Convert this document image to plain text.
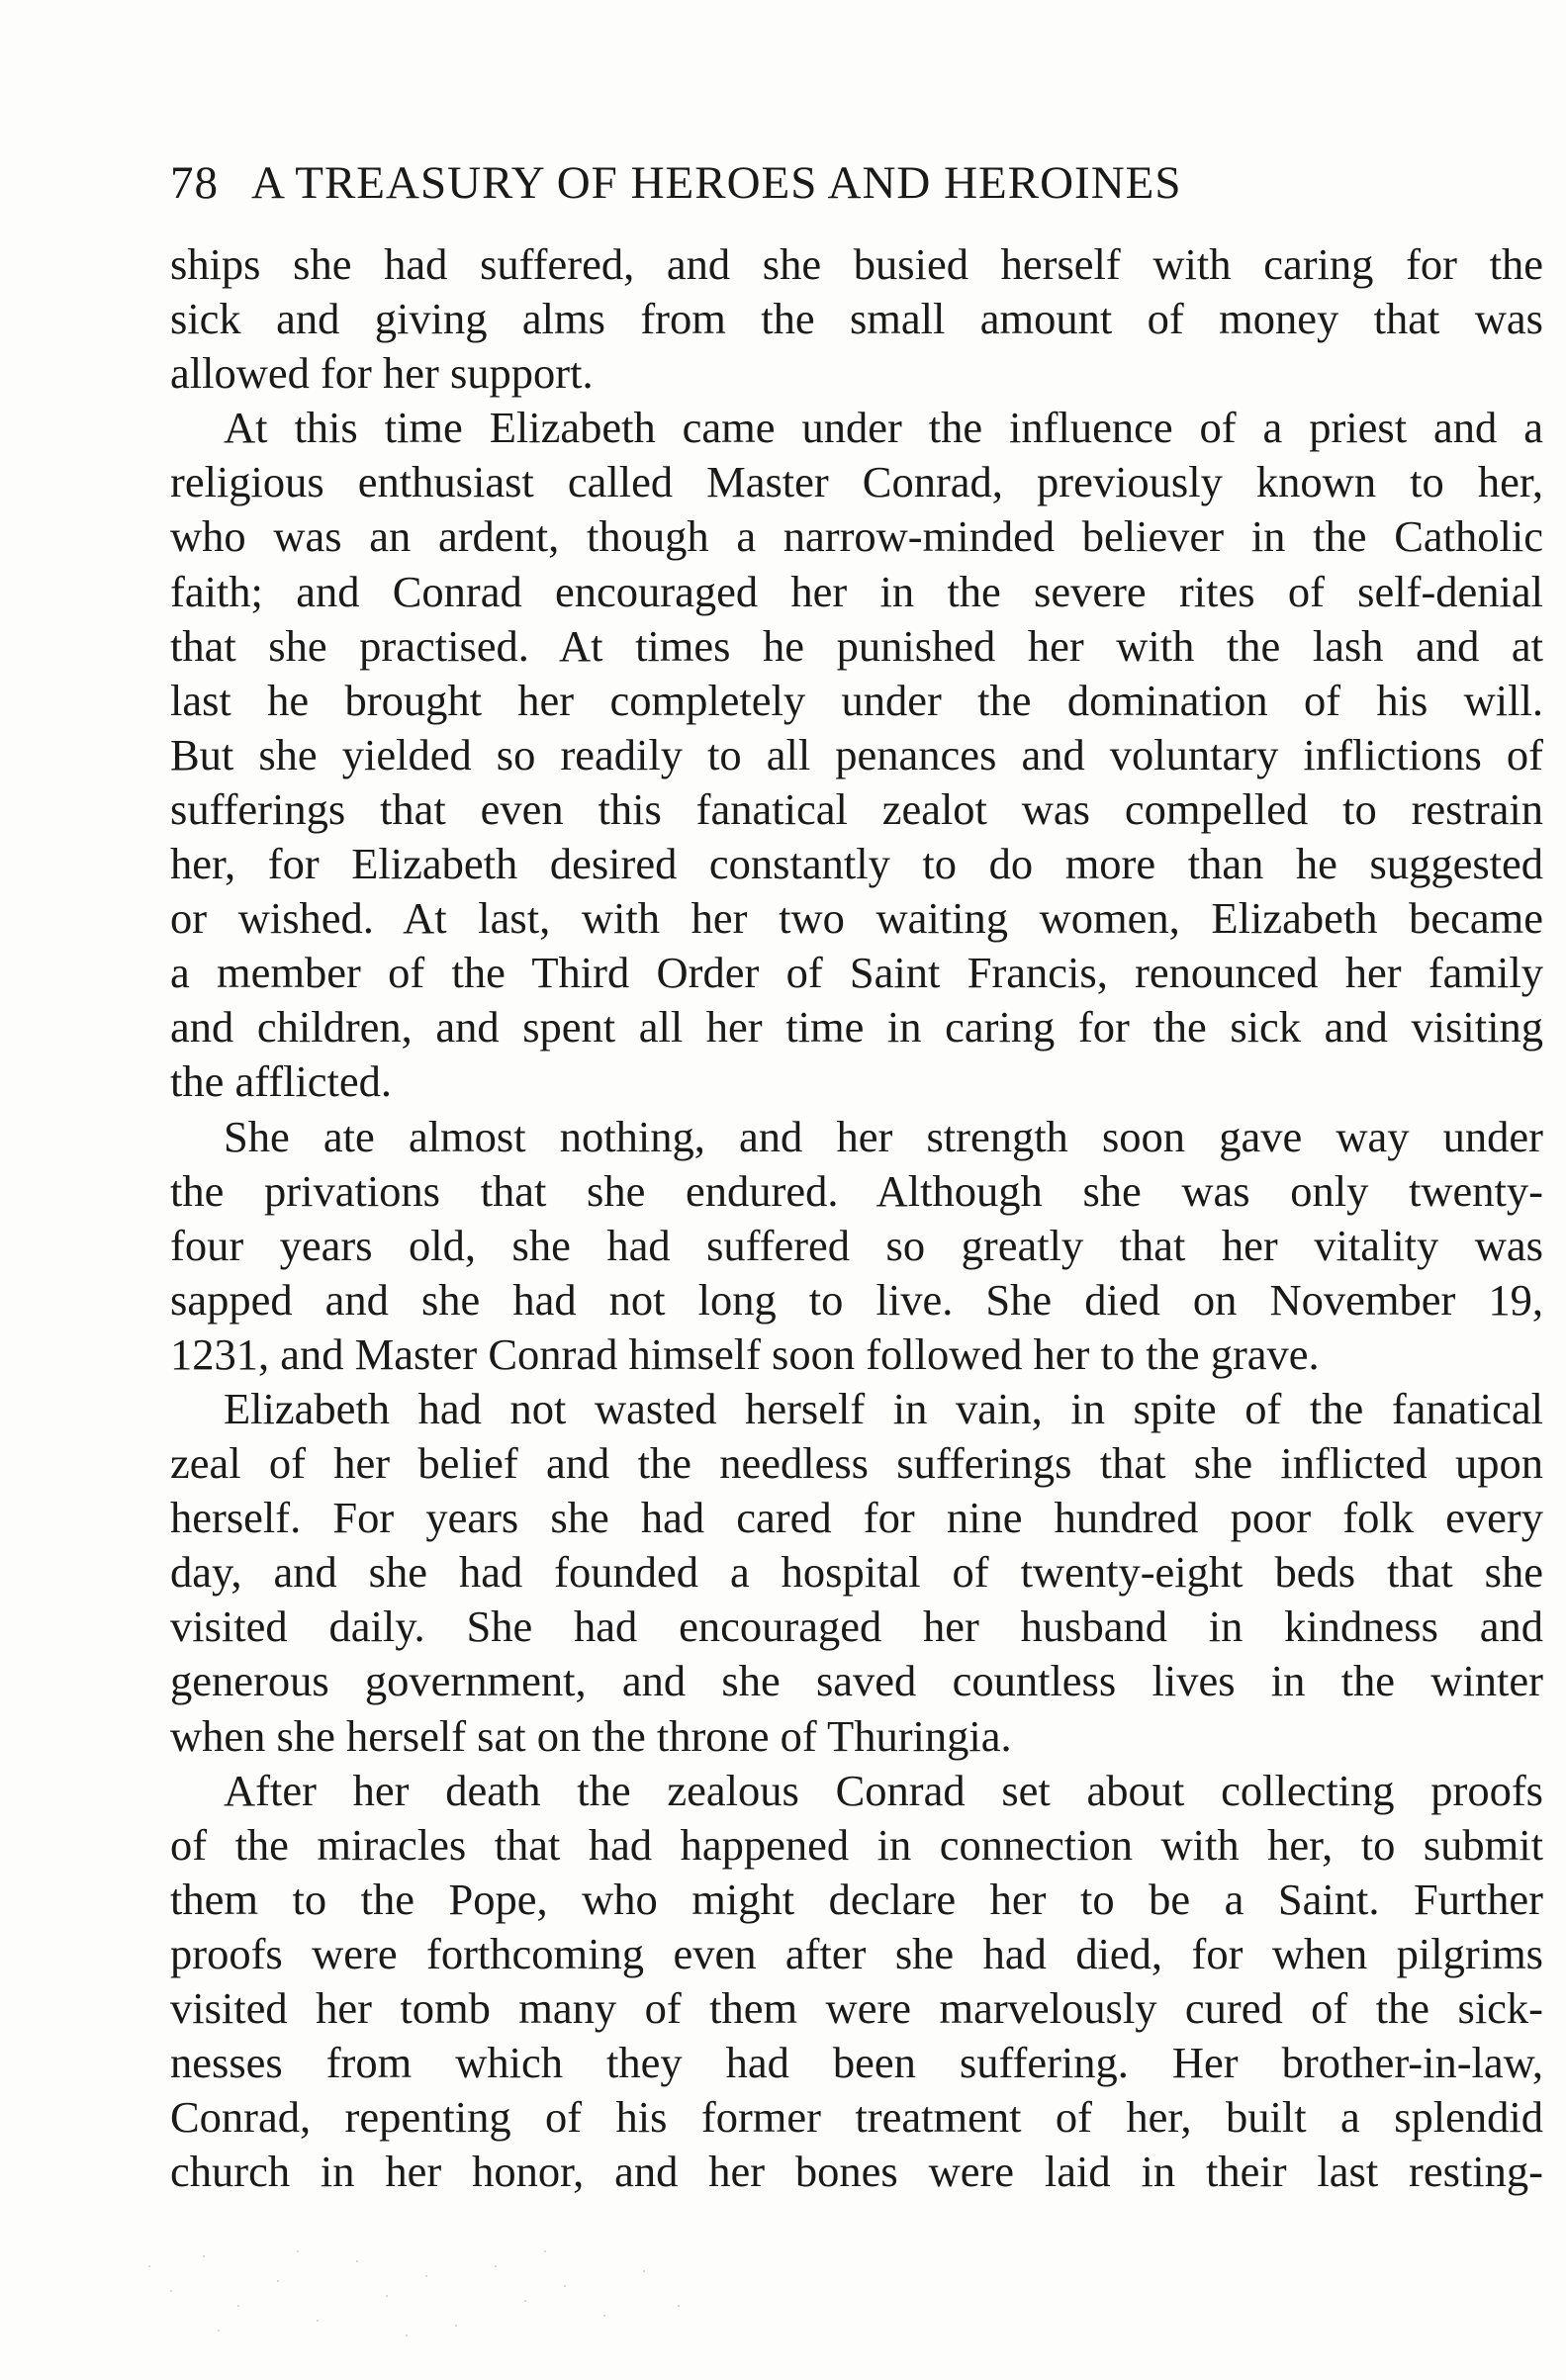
78 A TREASURY OF HEROES AND HEROINES
ships she had suffered, and she busied herself with caring for the
sick and giving alms from the small amount of money that was
allowed for her support.
At this time Elizabeth came under the influence of a priest and a
religious enthusiast called Master Conrad, previously known to her,
who was an ardent, though a narrow-minded believer in the Catholic
faith; and Conrad encouraged her in the severe rites of self-denial
that she practised. At times he punished her with the lash and at
last he brought her completely under the domination of his will.
But she yielded so readily to all penances and voluntary inflictions of
sufferings that even this fanatical zealot was compelled to restrain
her, for Elizabeth desired constantly to do more than he suggested
or wished. At last, with her two waiting women, Elizabeth became
a member of the Third Order of Saint Francis, renounced her family
and children, and spent all her time in caring for the sick and visiting
the afflicted.
She ate almost nothing, and her strength soon gave way under
the privations that she endured. Although she was only twenty-
four years old, she had suffered so greatly that her vitality was
sapped and she had not long to live. She died on November 19,
1231, and Master Conrad himself soon followed her to the grave.
Elizabeth had not wasted herself in vain, in spite of the fanatical
zeal of her belief and the needless sufferings that she inflicted upon
herself. For years she had cared for nine hundred poor folk every
day, and she had founded a hospital of twenty-eight beds that she
visited daily. She had encouraged her husband in kindness and
generous government, and she saved countless lives in the winter
when she herself sat on the throne of Thuringia.
After her death the zealous Conrad set about collecting proofs
of the miracles that had happened in connection with her, to submit
them to the Pope, who might declare her to be a Saint. Further
proofs were forthcoming even after she had died, for when pilgrims
visited her tomb many of them were marvelously cured of the sick-
nesses from which they had been suffering. Her brother-in-law,
Conrad, repenting of his former treatment of her, built a splendid
church in her honor, and her bones were laid in their last resting-
